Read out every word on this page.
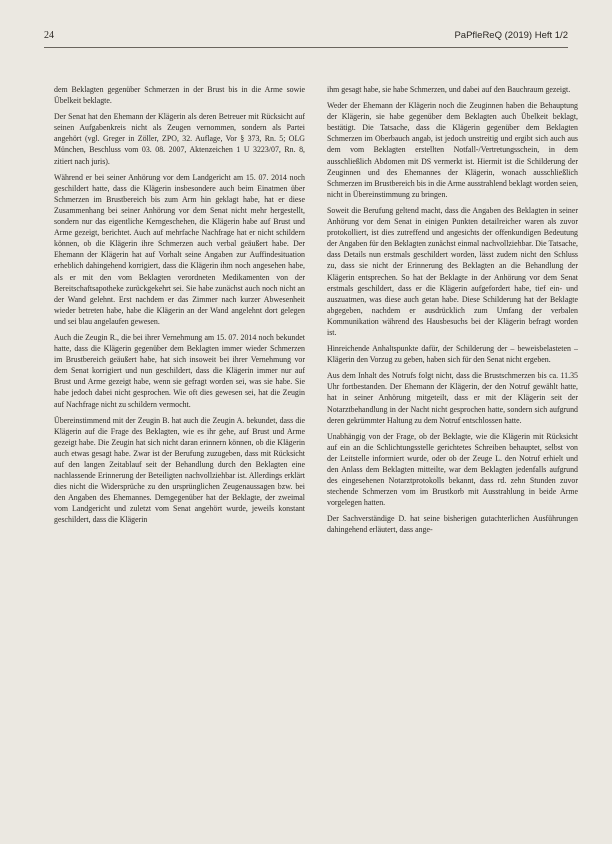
24	PaPfleReQ (2019) Heft 1/2

dem Beklagten gegenüber Schmerzen in der Brust bis in die Arme sowie Übelkeit beklagte.

Der Senat hat den Ehemann der Klägerin als deren Betreuer mit Rücksicht auf seinen Aufgabenkreis nicht als Zeugen vernommen, sondern als Partei angehört (vgl. Greger in Zöller, ZPO, 32. Auflage, Vor § 373, Rn. 5; OLG München, Beschluss vom 03. 08. 2007, Aktenzeichen 1 U 3223/07, Rn. 8, zitiert nach juris).

Während er bei seiner Anhörung vor dem Landgericht am 15. 07. 2014 noch geschildert hatte, dass die Klägerin insbesondere auch beim Einatmen über Schmerzen im Brustbereich bis zum Arm hin geklagt habe, hat er diese Zusammenhang bei seiner Anhörung vor dem Senat nicht mehr hergestellt, sondern nur das eigentliche Kerngeschehen, die Klägerin habe auf Brust und Arme gezeigt, berichtet. Auch auf mehrfache Nachfrage hat er nicht schildern können, ob die Klägerin ihre Schmerzen auch verbal geäußert habe. Der Ehemann der Klägerin hat auf Vorhalt seine Angaben zur Auffindesituation erheblich dahingehend korrigiert, dass die Klägerin ihm noch angesehen habe, als er mit den vom Beklagten verordneten Medikamenten von der Bereitschaftsapotheke zurückgekehrt sei. Sie habe zunächst auch noch nicht an der Wand gelehnt. Erst nachdem er das Zimmer nach kurzer Abwesenheit wieder betreten habe, habe die Klägerin an der Wand angelehnt dort gelegen und sei blau angelaufen gewesen.

Auch die Zeugin R., die bei ihrer Vernehmung am 15. 07. 2014 noch bekundet hatte, dass die Klägerin gegenüber dem Beklagten immer wieder Schmerzen im Brustbereich geäußert habe, hat sich insoweit bei ihrer Vernehmung vor dem Senat korrigiert und nun geschildert, dass die Klägerin immer nur auf Brust und Arme gezeigt habe, wenn sie gefragt worden sei, was sie habe. Sie habe jedoch dabei nicht gesprochen. Wie oft dies gewesen sei, hat die Zeugin auf Nachfrage nicht zu schildern vermocht.

Übereinstimmend mit der Zeugin B. hat auch die Zeugin A. bekundet, dass die Klägerin auf die Frage des Beklagten, wie es ihr gehe, auf Brust und Arme gezeigt habe. Die Zeugin hat sich nicht daran erinnern können, ob die Klägerin auch etwas gesagt habe. Zwar ist der Berufung zuzugeben, dass mit Rücksicht auf den langen Zeitablauf seit der Behandlung durch den Beklagten eine nachlassende Erinnerung der Beteiligten nachvollziehbar ist. Allerdings erklärt dies nicht die Widersprüche zu den ursprünglichen Zeugenaussagen bzw. bei den Angaben des Ehemannes. Demgegenüber hat der Beklagte, der zweimal vom Landgericht und zuletzt vom Senat angehört wurde, jeweils konstant geschildert, dass die Klägerin

ihm gesagt habe, sie habe Schmerzen, und dabei auf den Bauchraum gezeigt.

Weder der Ehemann der Klägerin noch die Zeuginnen haben die Behauptung der Klägerin, sie habe gegenüber dem Beklagten auch Übelkeit beklagt, bestätigt. Die Tatsache, dass die Klägerin gegenüber dem Beklagten Schmerzen im Oberbauch angab, ist jedoch unstreitig und ergibt sich auch aus dem vom Beklagten erstellten Notfall-/Vertretungsschein, in dem ausschließlich Abdomen mit DS vermerkt ist. Hiermit ist die Schilderung der Zeuginnen und des Ehemannes der Klägerin, wonach ausschließlich Schmerzen im Brustbereich bis in die Arme ausstrahlend beklagt worden seien, nicht in Übereinstimmung zu bringen.

Soweit die Berufung geltend macht, dass die Angaben des Beklagten in seiner Anhörung vor dem Senat in einigen Punkten detailreicher waren als zuvor protokolliert, ist dies zutreffend und angesichts der offenkundigen Bedeutung der Angaben für den Beklagten zunächst einmal nachvollziehbar. Die Tatsache, dass Details nun erstmals geschildert worden, lässt zudem nicht den Schluss zu, dass sie nicht der Erinnerung des Beklagten an die Behandlung der Klägerin entsprechen. So hat der Beklagte in der Anhörung vor dem Senat erstmals geschildert, dass er die Klägerin aufgefordert habe, tief ein- und auszuatmen, was diese auch getan habe. Diese Schilderung hat der Beklagte abgegeben, nachdem er ausdrücklich zum Umfang der verbalen Kommunikation während des Hausbesuchs bei der Klägerin befragt worden ist.

Hinreichende Anhaltspunkte dafür, der Schilderung der – beweisbelasteten – Klägerin den Vorzug zu geben, haben sich für den Senat nicht ergeben.

Aus dem Inhalt des Notrufs folgt nicht, dass die Brustschmerzen bis ca. 11.35 Uhr fortbestanden. Der Ehemann der Klägerin, der den Notruf gewählt hatte, hat in seiner Anhörung mitgeteilt, dass er mit der Klägerin seit der Notarztbehandlung in der Nacht nicht gesprochen hatte, sondern sich aufgrund deren gekrümmter Haltung zu dem Notruf entschlossen hatte.

Unabhängig von der Frage, ob der Beklagte, wie die Klägerin mit Rücksicht auf ein an die Schlichtungsstelle gerichtetes Schreiben behauptet, selbst von der Leitstelle informiert wurde, oder ob der Zeuge L. den Notruf erhielt und den Anlass dem Beklagten mitteilte, war dem Beklagten jedenfalls aufgrund des eingesehenen Notarztprotokolls bekannt, dass rd. zehn Stunden zuvor stechende Schmerzen vom im Brustkorb mit Ausstrahlung in beide Arme vorgelegen hatten.

Der Sachverständige D. hat seine bisherigen gutachterlichen Ausführungen dahingehend erläutert, dass ange-
